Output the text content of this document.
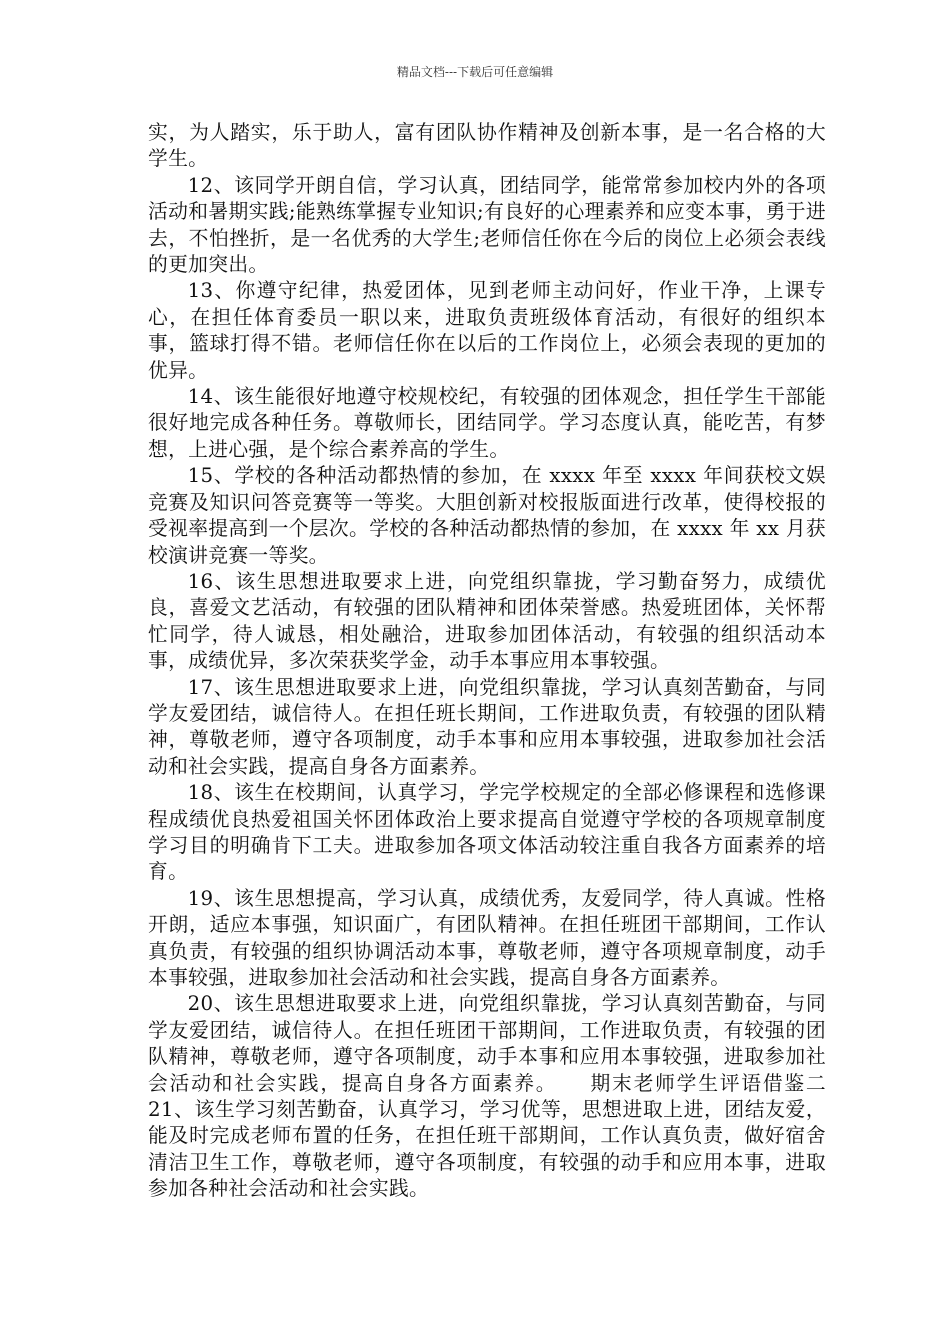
精品文档---下载后可任意编辑

实，为人踏实，乐于助人，富有团队协作精神及创新本事，是一名合格的大学生。

12、该同学开朗自信，学习认真，团结同学，能常常参加校内外的各项活动和暑期实践;能熟练掌握专业知识;有良好的心理素养和应变本事，勇于进去，不怕挫折，是一名优秀的大学生;老师信任你在今后的岗位上必须会表线的更加突出。

13、你遵守纪律，热爱团体，见到老师主动问好，作业干净，上课专心，在担任体育委员一职以来，进取负责班级体育活动，有很好的组织本事，篮球打得不错。老师信任你在以后的工作岗位上，必须会表现的更加的优异。

14、该生能很好地遵守校规校纪，有较强的团体观念，担任学生干部能很好地完成各种任务。尊敬师长，团结同学。学习态度认真，能吃苦，有梦想，上进心强，是个综合素养高的学生。

15、学校的各种活动都热情的参加，在 xxxx 年至 xxxx 年间获校文娱竞赛及知识问答竞赛等一等奖。大胆创新对校报版面进行改革，使得校报的受视率提高到一个层次。学校的各种活动都热情的参加，在 xxxx 年 xx 月获校演讲竞赛一等奖。

16、该生思想进取要求上进，向党组织靠拢，学习勤奋努力，成绩优良，喜爱文艺活动，有较强的团队精神和团体荣誉感。热爱班团体，关怀帮忙同学，待人诚恳，相处融洽，进取参加团体活动，有较强的组织活动本事，成绩优异，多次荣获奖学金，动手本事应用本事较强。

17、该生思想进取要求上进，向党组织靠拢，学习认真刻苦勤奋，与同学友爱团结，诚信待人。在担任班长期间，工作进取负责，有较强的团队精神，尊敬老师，遵守各项制度，动手本事和应用本事较强，进取参加社会活动和社会实践，提高自身各方面素养。

18、该生在校期间，认真学习，学完学校规定的全部必修课程和选修课程成绩优良热爱祖国关怀团体政治上要求提高自觉遵守学校的各项规章制度学习目的明确肯下工夫。进取参加各项文体活动较注重自我各方面素养的培育。

19、该生思想提高，学习认真，成绩优秀，友爱同学，待人真诚。性格开朗，适应本事强，知识面广，有团队精神。在担任班团干部期间，工作认真负责，有较强的组织协调活动本事，尊敬老师，遵守各项规章制度，动手本事较强，进取参加社会活动和社会实践，提高自身各方面素养。

20、该生思想进取要求上进，向党组织靠拢，学习认真刻苦勤奋，与同学友爱团结，诚信待人。在担任班团干部期间，工作进取负责，有较强的团队精神，尊敬老师，遵守各项制度，动手本事和应用本事较强，进取参加社会活动和社会实践，提高自身各方面素养。　　期末老师学生评语借鉴二 21、该生学习刻苦勤奋，认真学习，学习优等，思想进取上进，团结友爱，能及时完成老师布置的任务，在担任班干部期间，工作认真负责，做好宿舍清洁卫生工作，尊敬老师，遵守各项制度，有较强的动手和应用本事，进取参加各种社会活动和社会实践。
